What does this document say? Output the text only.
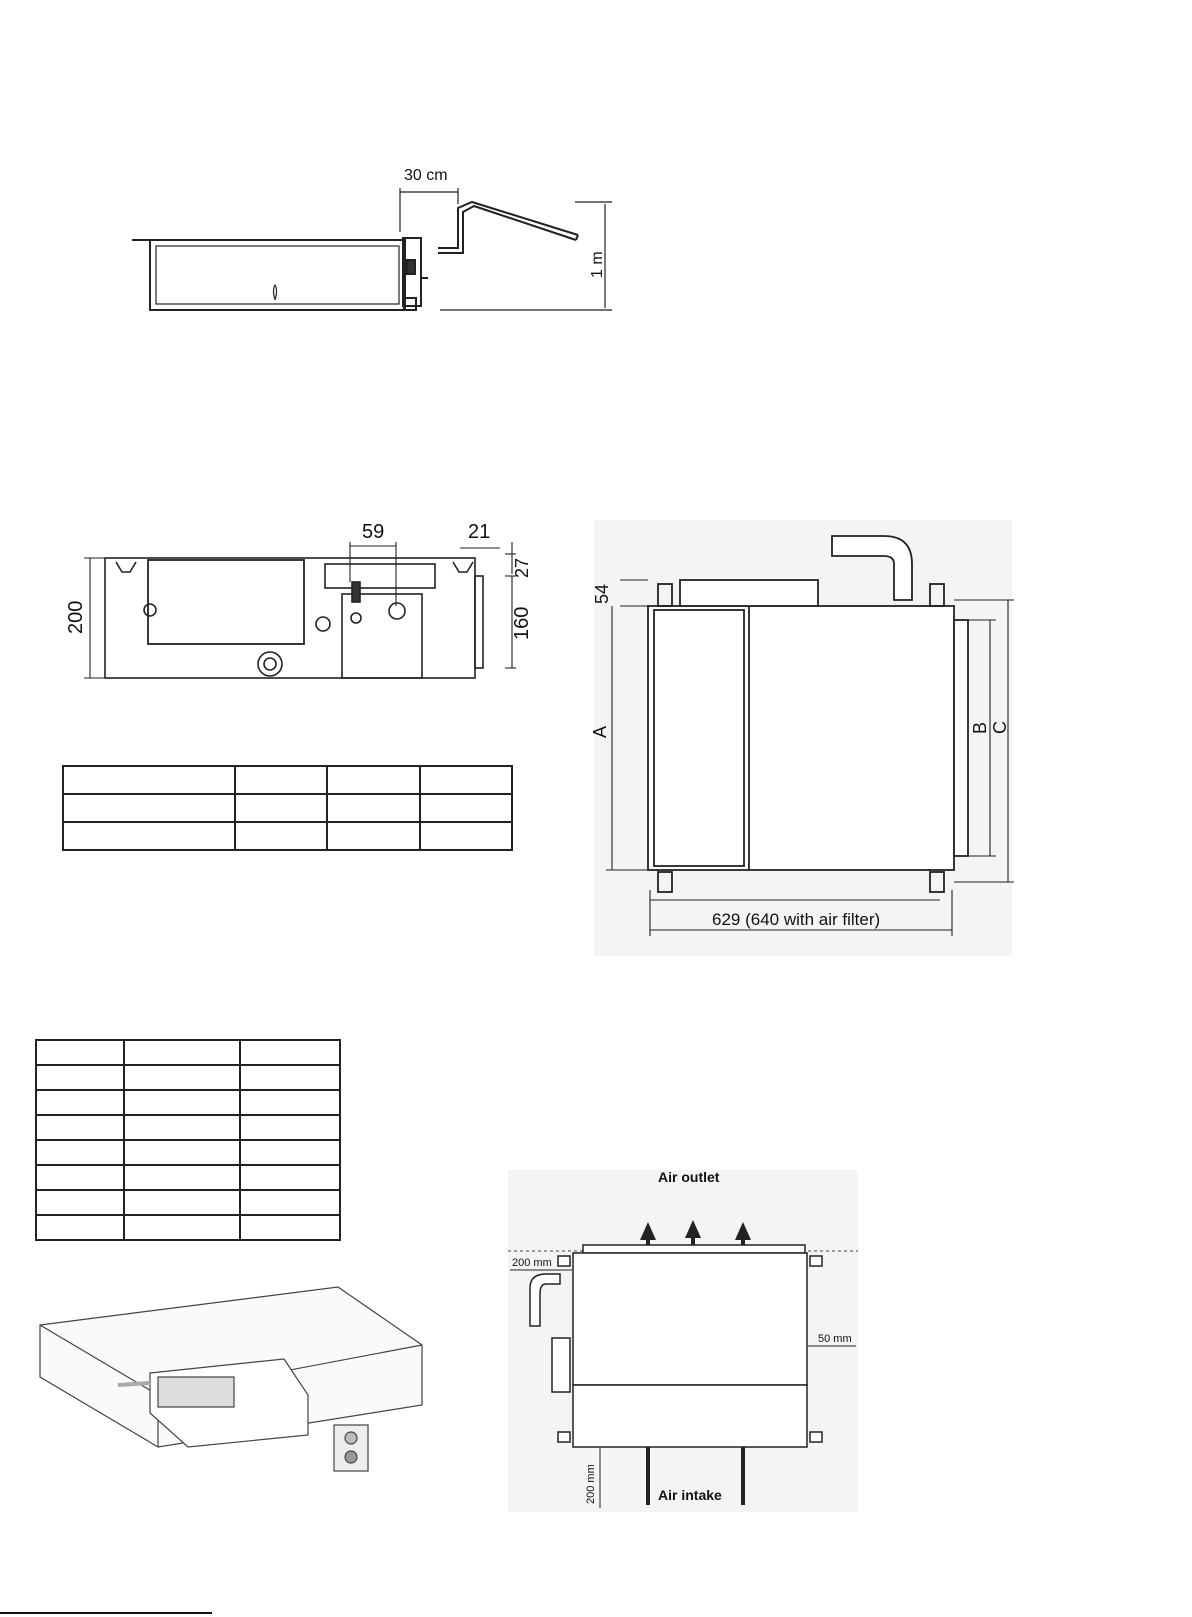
30 cm
1 m
200
59	21
27
160

54
A	B C
629 (640 with air filter)

Air outlet
Air intake
200 mm
50 mm
200 mm
